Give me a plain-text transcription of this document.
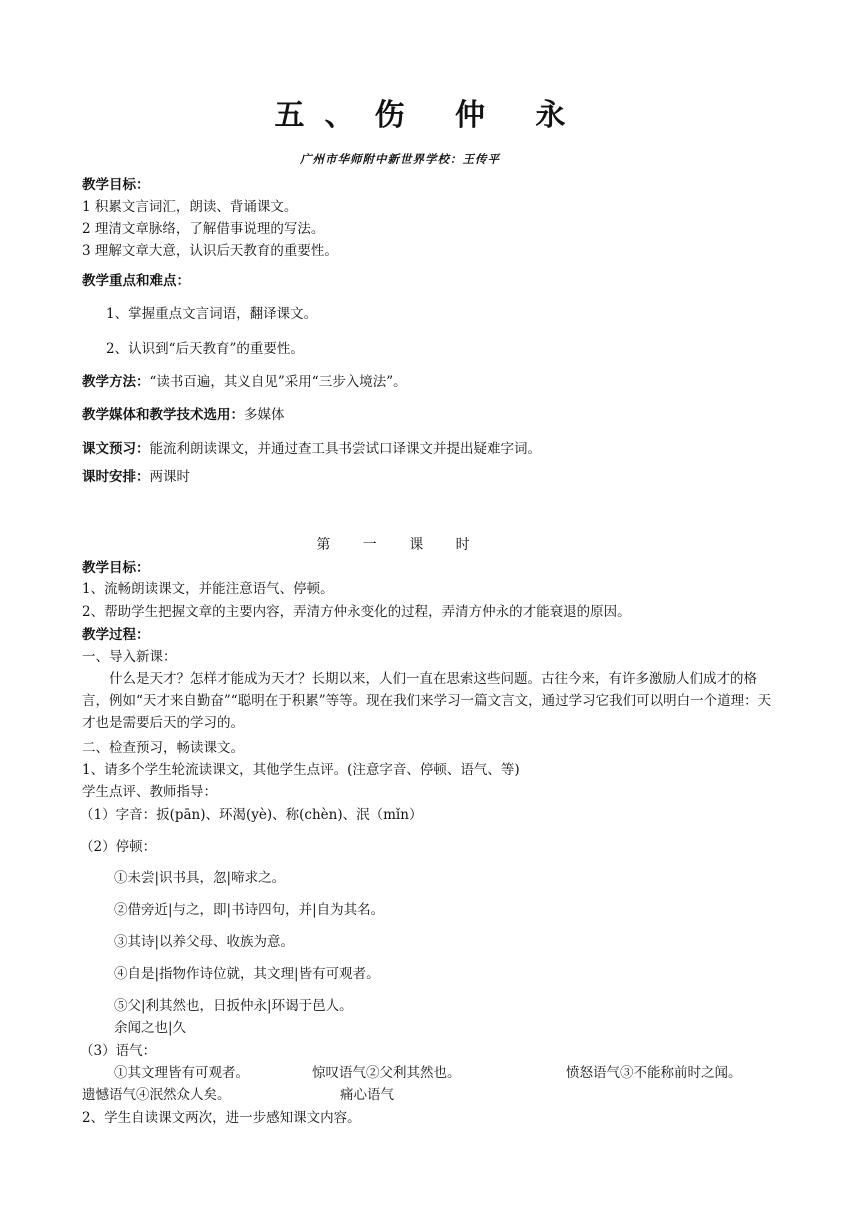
五、伤 仲 永
广州市华师附中新世界学校：王传平
教学目标：
1 积累文言词汇，朗读、背诵课文。
2 理清文章脉络，了解借事说理的写法。
3 理解文章大意，认识后天教育的重要性。
教学重点和难点：
1、掌握重点文言词语，翻译课文。
2、认识到“后天教育”的重要性。
教学方法：“读书百遍，其义自见”采用“三步入境法”。
教学媒体和教学技术选用：多媒体
课文预习：能流利朗读课文，并通过查工具书尝试口译课文并提出疑难字词。
课时安排：两课时
第 一 课 时
教学目标：
1、流畅朗读课文，并能注意语气、停顿。
2、帮助学生把握文章的主要内容，弄清方仲永变化的过程，弄清方仲永的才能衰退的原因。
教学过程：
一、导入新课：
什么是天才？怎样才能成为天才？长期以来，人们一直在思索这些问题。古往今来，有许多激励人们成才的格言，例如“天才来自勤奋”“聪明在于积累”等等。现在我们来学习一篇文言文，通过学习它我们可以明白一个道理：天才也是需要后天的学习的。
二、检查预习，畅读课文。
1、请多个学生轮流读课文，其他学生点评。(注意字音、停顿、语气、等)
学生点评、教师指导：
（1）字音：扳(pān)、环渴(yè)、称(chèn)、泯（mǐn）
（2）停顿：
①未尝|识书具，忽|啼求之。
②借旁近|与之，即|书诗四句，并|自为其名。
③其诗|以养父母、收族为意。
④自是|指物作诗位就，其文理|皆有可观者。
⑤父|利其然也，日扳仲永|环谒于邑人。
余闻之也|久
（3）语气：
①其文理皆有可观者。	惊叹语气②父利其然也。	愤怒语气③不能称前时之闻。
遗憾语气④泯然众人矣。	痛心语气
2、学生自读课文两次，进一步感知课文内容。
